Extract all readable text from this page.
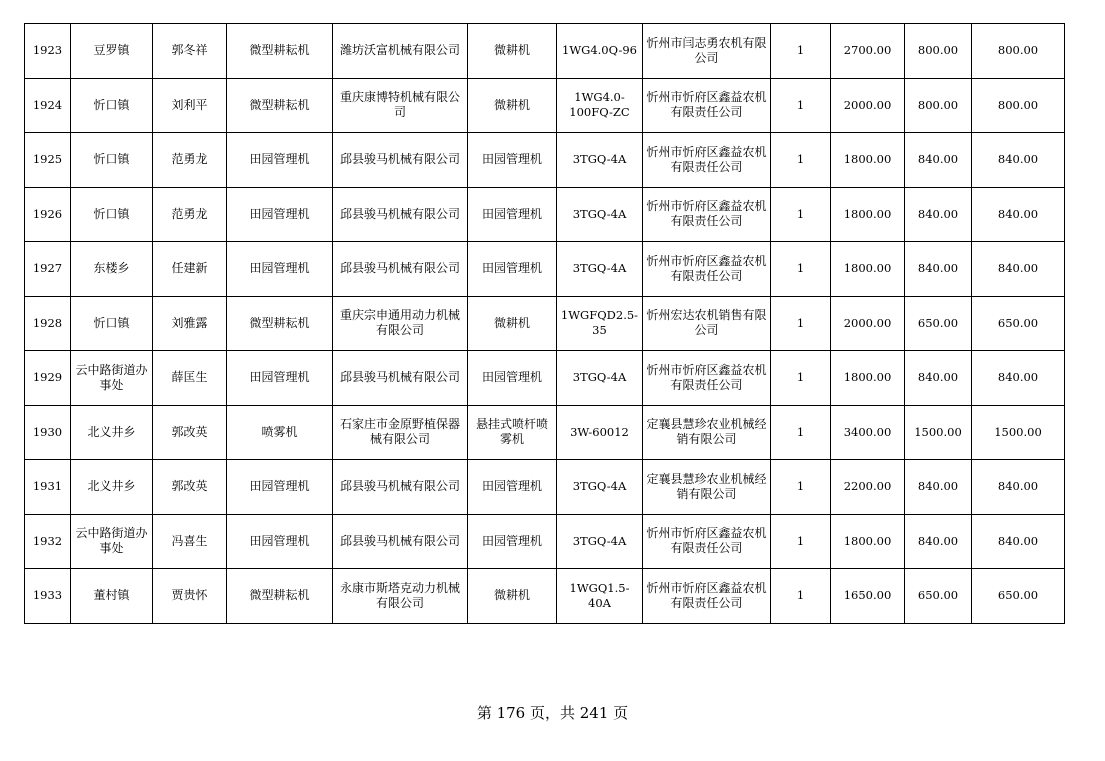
1923	豆罗镇	郭冬祥	微型耕耘机	潍坊沃富机械有限公司	微耕机	1WG4.0Q-96	忻州市闫志勇农机有限公司	1	2700.00	800.00	800.00
1924	忻口镇	刘利平	微型耕耘机	重庆康博特机械有限公司	微耕机	1WG4.0-100FQ-ZC	忻州市忻府区鑫益农机有限责任公司	1	2000.00	800.00	800.00
1925	忻口镇	范勇龙	田园管理机	邱县骏马机械有限公司	田园管理机	3TGQ-4A	忻州市忻府区鑫益农机有限责任公司	1	1800.00	840.00	840.00
1926	忻口镇	范勇龙	田园管理机	邱县骏马机械有限公司	田园管理机	3TGQ-4A	忻州市忻府区鑫益农机有限责任公司	1	1800.00	840.00	840.00
1927	东楼乡	任建新	田园管理机	邱县骏马机械有限公司	田园管理机	3TGQ-4A	忻州市忻府区鑫益农机有限责任公司	1	1800.00	840.00	840.00
1928	忻口镇	刘雅露	微型耕耘机	重庆宗申通用动力机械有限公司	微耕机	1WGFQD2.5-35	忻州宏达农机销售有限公司	1	2000.00	650.00	650.00
1929	云中路街道办事处	薛匡生	田园管理机	邱县骏马机械有限公司	田园管理机	3TGQ-4A	忻州市忻府区鑫益农机有限责任公司	1	1800.00	840.00	840.00
1930	北义井乡	郭改英	喷雾机	石家庄市金原野植保器械有限公司	悬挂式喷杆喷雾机	3W-60012	定襄县慧珍农业机械经销有限公司	1	3400.00	1500.00	1500.00
1931	北义井乡	郭改英	田园管理机	邱县骏马机械有限公司	田园管理机	3TGQ-4A	定襄县慧珍农业机械经销有限公司	1	2200.00	840.00	840.00
1932	云中路街道办事处	冯喜生	田园管理机	邱县骏马机械有限公司	田园管理机	3TGQ-4A	忻州市忻府区鑫益农机有限责任公司	1	1800.00	840.00	840.00
1933	董村镇	贾贵怀	微型耕耘机	永康市斯塔克动力机械有限公司	微耕机	1WGQ1.5-40A	忻州市忻府区鑫益农机有限责任公司	1	1650.00	650.00	650.00
第 176 页，共 241 页
